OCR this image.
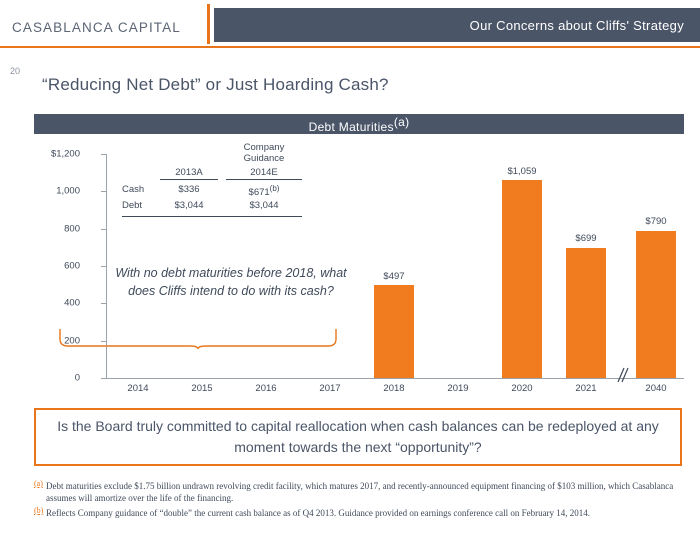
CASABLANCA CAPITAL	Our Concerns about Cliffs' Strategy
20
“Reducing Net Debt” or Just Hoarding Cash?
Debt Maturities(a)
$1,200
1,000
800
600
400
200
0
Company
Guidance
2013A	2014E
Cash	$336	$671$^{(b)}$
Debt	$3,044	$3,044
With no debt maturities before 2018, what does Cliffs intend to do with its cash?
$497
$1,059
$699
$790
2014	2015	2016	2017	2018	2019	2020	2021	2040
Is the Board truly committed to capital reallocation when cash balances can be redeployed at any moment towards the next “opportunity”?
(a) Debt maturities exclude $1.75 billion undrawn revolving credit facility, which matures 2017, and recently-announced equipment financing of $103 million, which Casablanca assumes will amortize over the life of the financing.
(b) Reflects Company guidance of “double” the current cash balance as of Q4 2013. Guidance provided on earnings conference call on February 14, 2014.
